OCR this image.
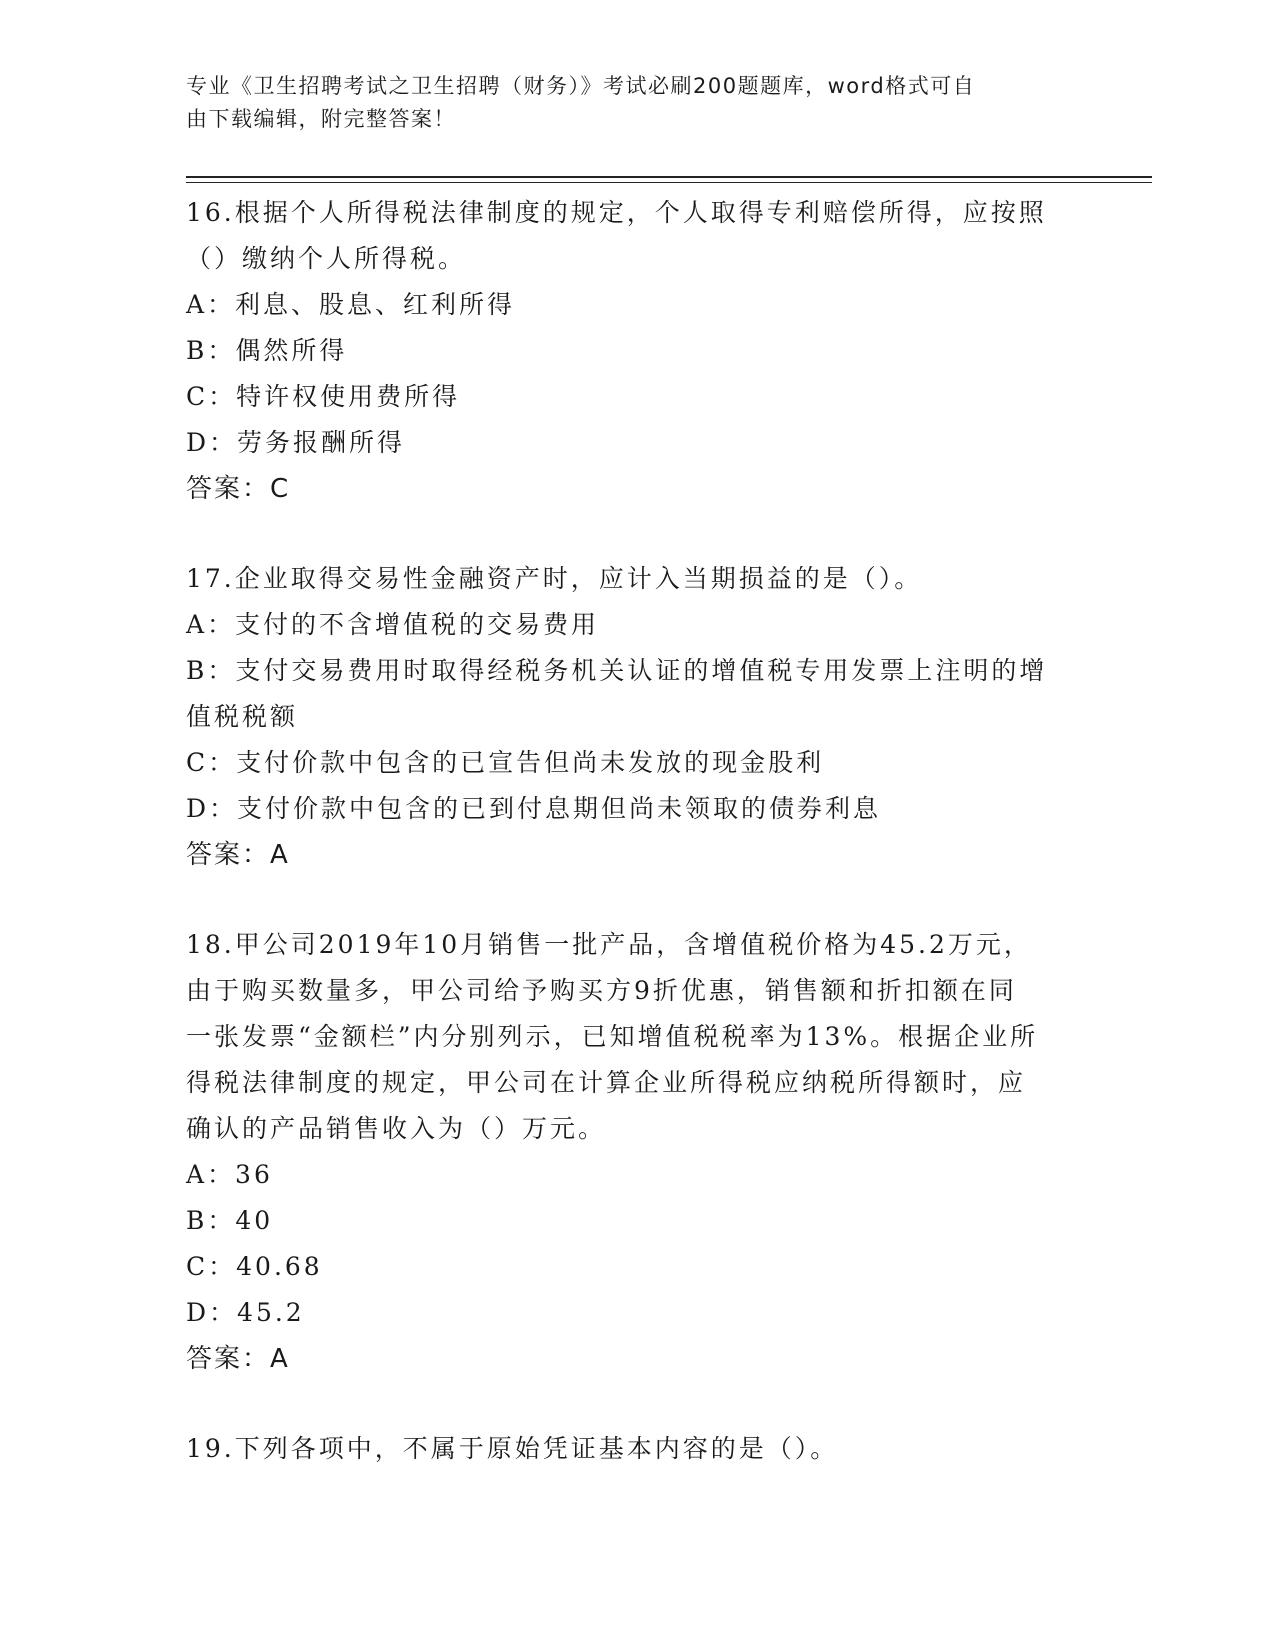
专业《卫生招聘考试之卫生招聘（财务）》考试必刷200题题库，word格式可自
由下载编辑，附完整答案！
16.根据个人所得税法律制度的规定，个人取得专利赔偿所得，应按照
（）缴纳个人所得税。
A：利息、股息、红利所得
B：偶然所得
C：特许权使用费所得
D：劳务报酬所得
答案：C
17.企业取得交易性金融资产时，应计入当期损益的是（）。
A：支付的不含增值税的交易费用
B：支付交易费用时取得经税务机关认证的增值税专用发票上注明的增
值税税额
C：支付价款中包含的已宣告但尚未发放的现金股利
D：支付价款中包含的已到付息期但尚未领取的债券利息
答案：A
18.甲公司2019年10月销售一批产品，含增值税价格为45.2万元，
由于购买数量多，甲公司给予购买方9折优惠，销售额和折扣额在同
一张发票“金额栏”内分别列示，已知增值税税率为13%。根据企业所
得税法律制度的规定，甲公司在计算企业所得税应纳税所得额时，应
确认的产品销售收入为（）万元。
A：36
B：40
C：40.68
D：45.2
答案：A
19.下列各项中，不属于原始凭证基本内容的是（）。
